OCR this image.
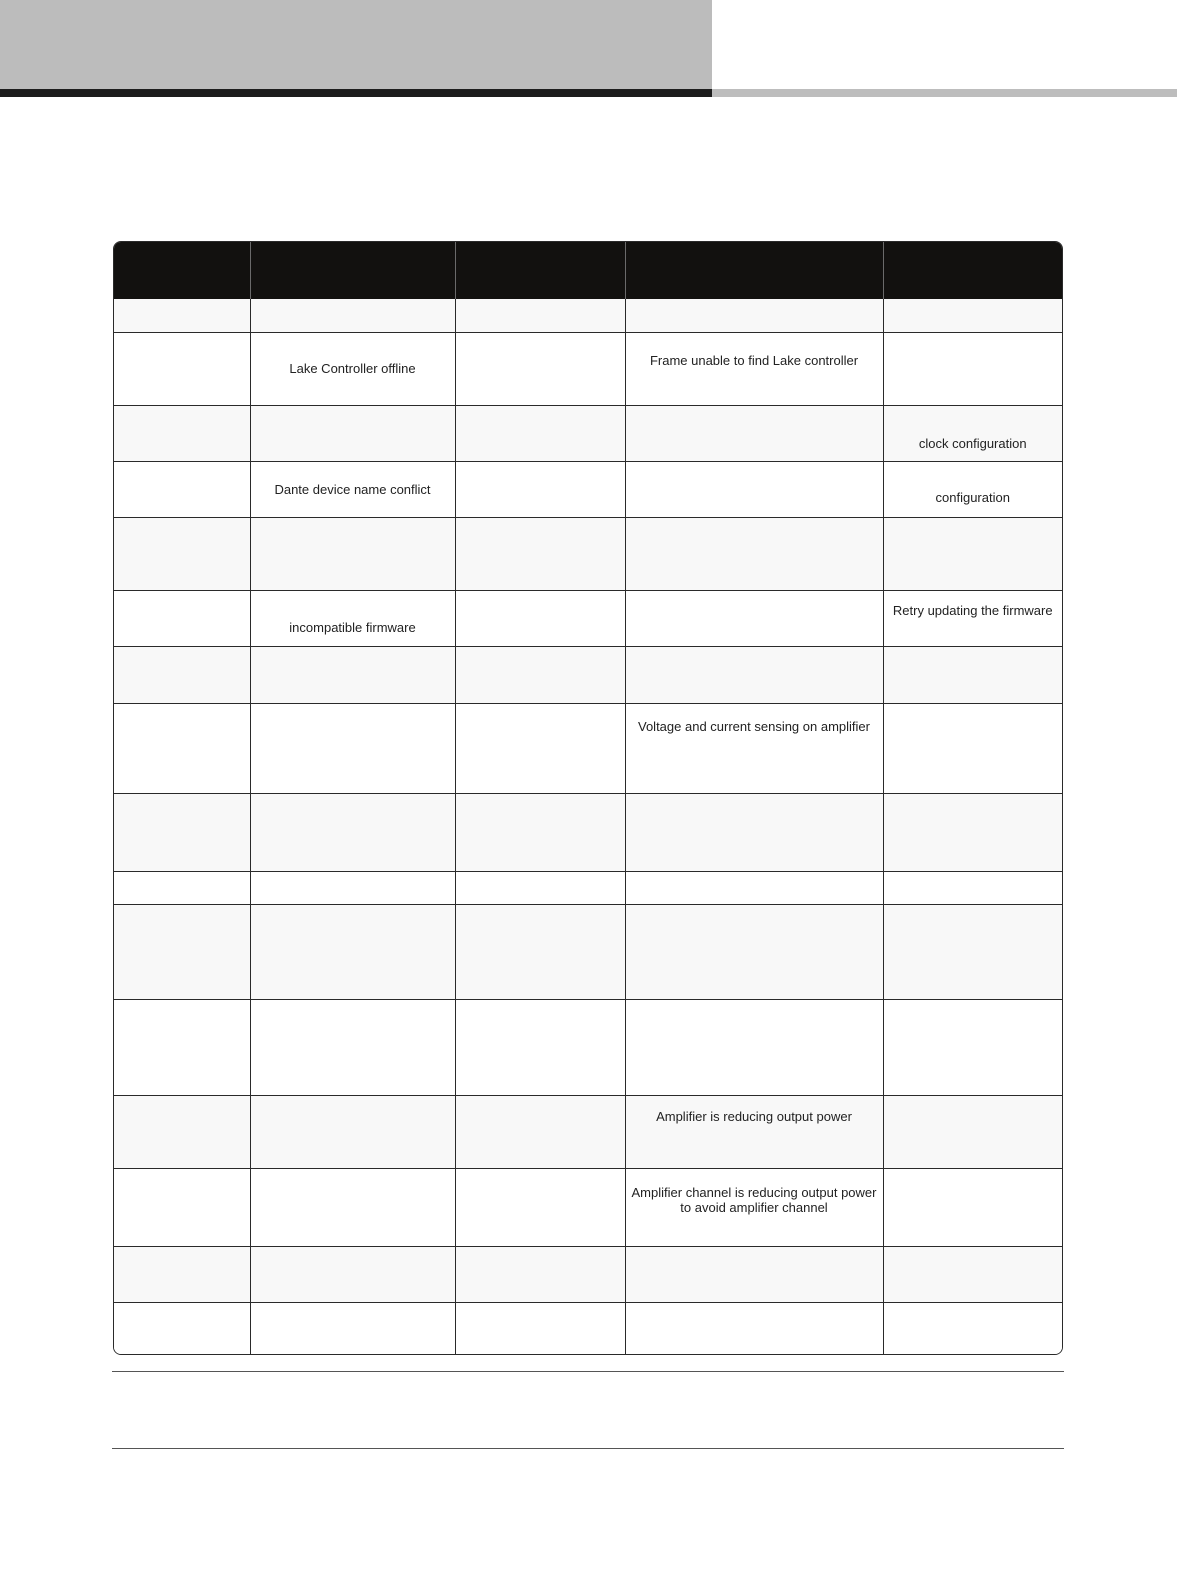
	Lake Controller offline		Frame unable to find Lake controller	
				clock configuration
	Dante device name conflict			configuration

	incompatible firmware			Retry updating the firmware

			Voltage and current sensing on amplifier	

			Amplifier is reducing output power	
			Amplifier channel is reducing output power to avoid amplifier channel	
